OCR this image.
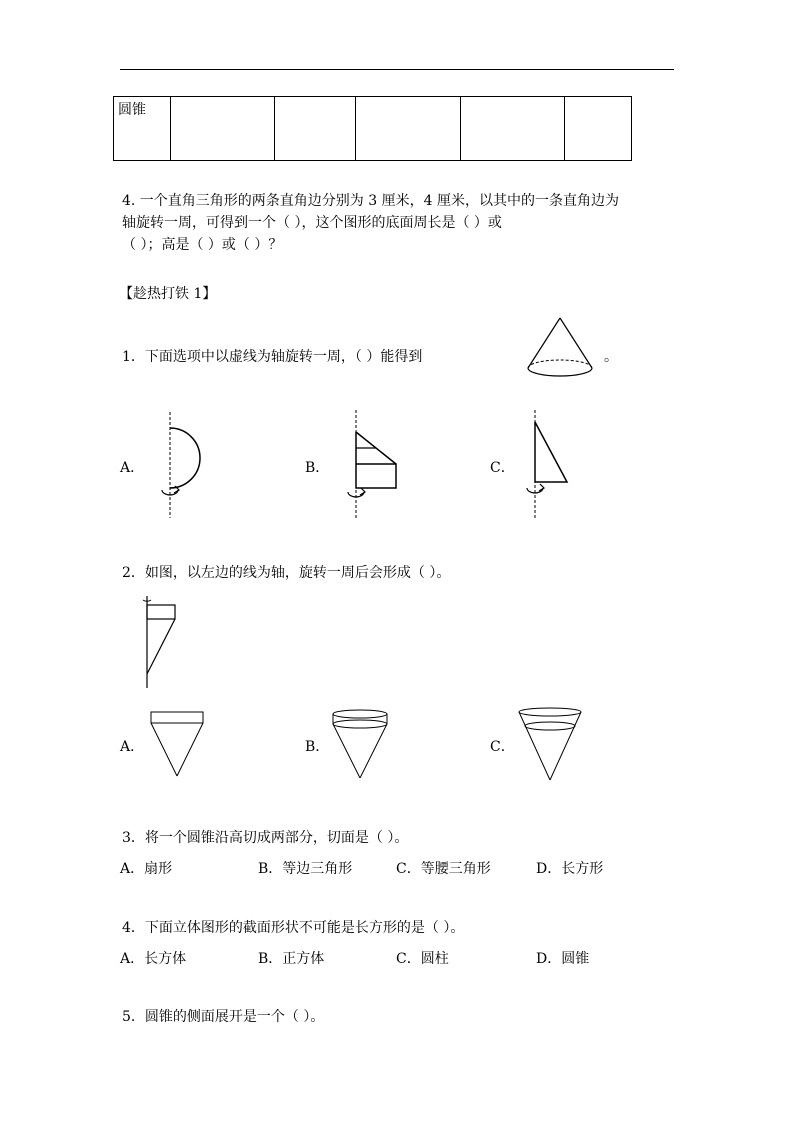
圆锥					
4. 一个直角三角形的两条直角边分别为 3 厘米，4 厘米，以其中的一条直角边为
轴旋转一周，可得到一个（ ），这个图形的底面周长是（ ）或
（ ）；高是（ ）或（ ）？
【趁热打铁 1】
1．下面选项中以虚线为轴旋转一周，（ ）能得到	。
A．	B．	C．
2．如图，以左边的线为轴，旋转一周后会形成（ ）。
A．	B．	C．
3．将一个圆锥沿高切成两部分，切面是（ ）。
A．扇形	B．等边三角形	C．等腰三角形	D．长方形
4．下面立体图形的截面形状不可能是长方形的是（ ）。
A．长方体	B．正方体	C．圆柱	D．圆锥
5．圆锥的侧面展开是一个（ ）。
